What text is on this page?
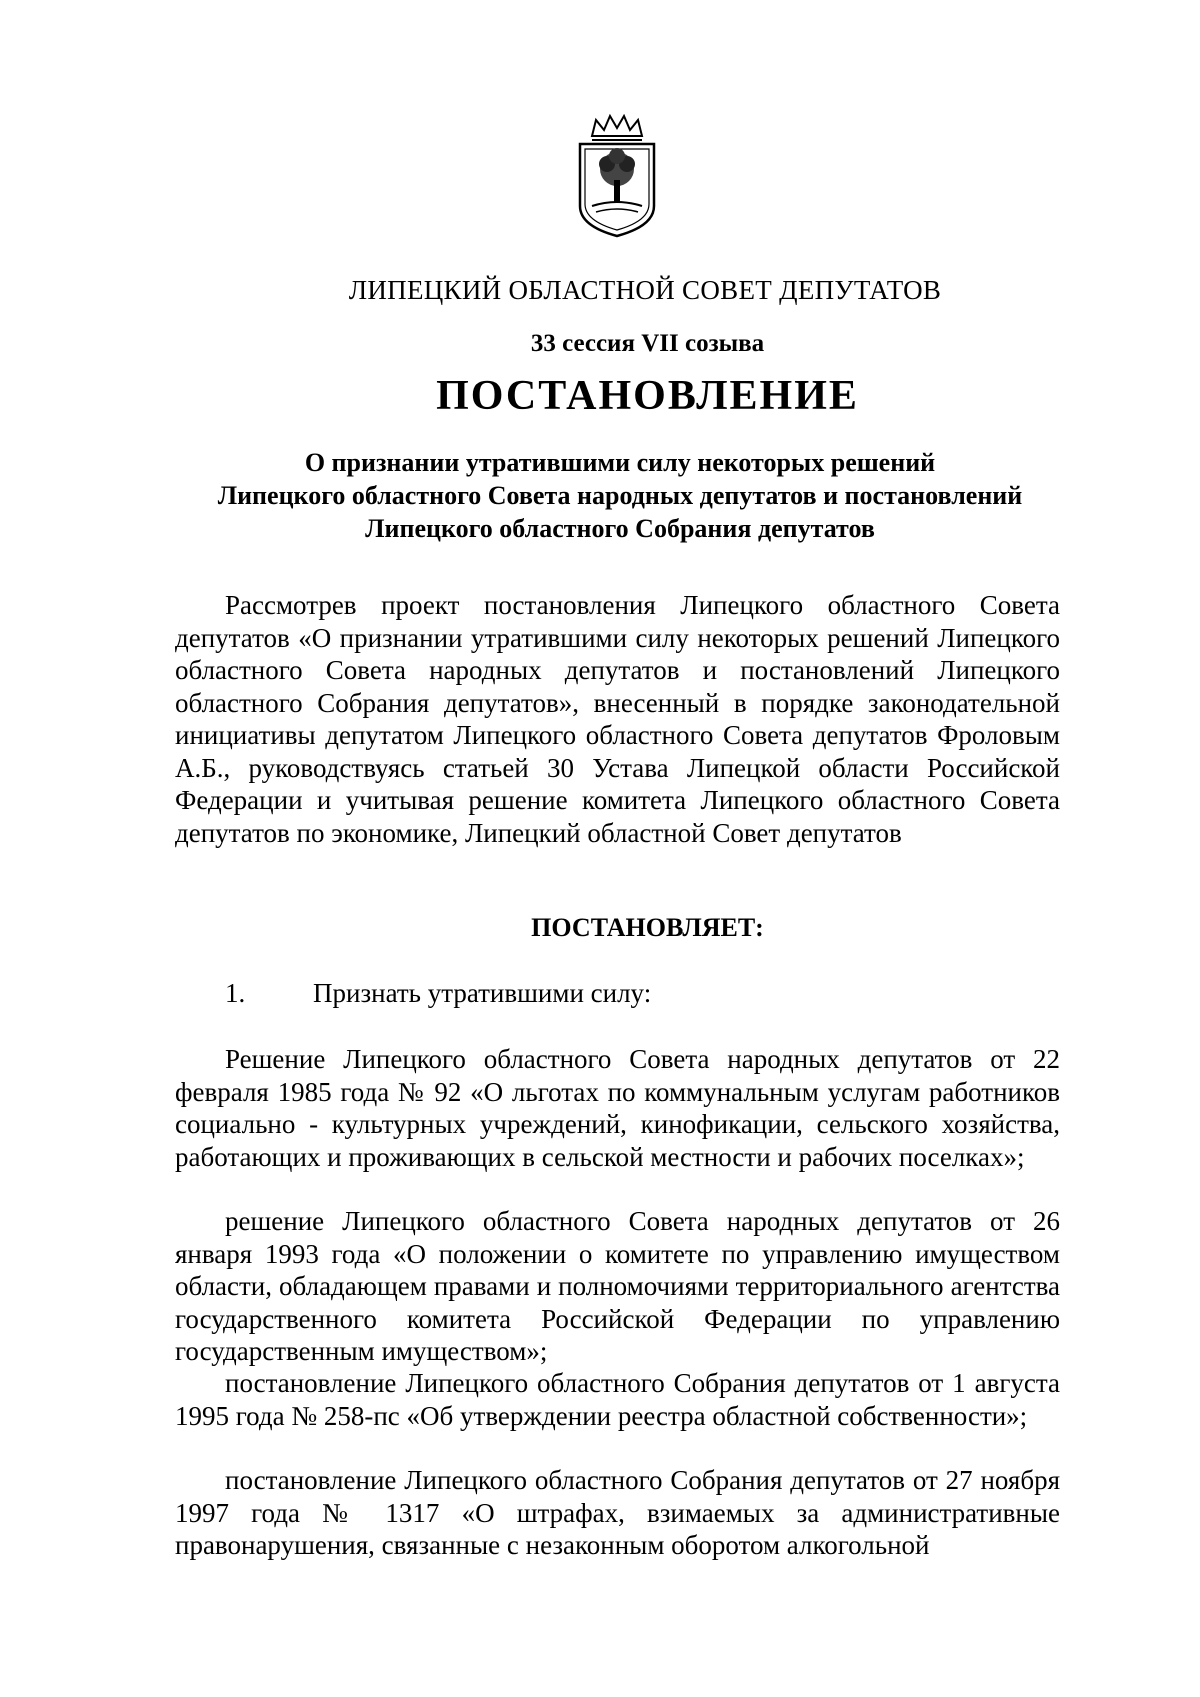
ЛИПЕЦКИЙ ОБЛАСТНОЙ СОВЕТ ДЕПУТАТОВ
33 сессия VII созыва
ПОСТАНОВЛЕНИЕ
О признании утратившими силу некоторых решений
Липецкого областного Совета народных депутатов и постановлений
Липецкого областного Собрания депутатов
Рассмотрев проект постановления Липецкого областного Совета депутатов «О признании утратившими силу некоторых решений Липецкого областного Совета народных депутатов и постановлений Липецкого областного Собрания депутатов», внесенный в порядке законодательной инициативы депутатом Липецкого областного Совета депутатов Фроловым А.Б., руководствуясь статьей 30 Устава Липецкой области Российской Федерации и учитывая решение комитета Липецкого областного Совета депутатов по экономике, Липецкий областной Совет депутатов
ПОСТАНОВЛЯЕТ:
1.	Признать утратившими силу:
Решение Липецкого областного Совета народных депутатов от 22 февраля 1985 года № 92 «О льготах по коммунальным услугам работников социально - культурных учреждений, кинофикации, сельского хозяйства, работающих и проживающих в сельской местности и рабочих поселках»;
решение Липецкого областного Совета народных депутатов от 26 января 1993 года «О положении о комитете по управлению имуществом области, обладающем правами и полномочиями территориального агентства государственного комитета Российской Федерации по управлению государственным имуществом»;
постановление Липецкого областного Собрания депутатов от 1 августа 1995 года № 258-пс «Об утверждении реестра областной собственности»;
постановление Липецкого областного Собрания депутатов от 27 ноября 1997 года № 1317 «О штрафах, взимаемых за административные правонарушения, связанные с незаконным оборотом алкогольной
